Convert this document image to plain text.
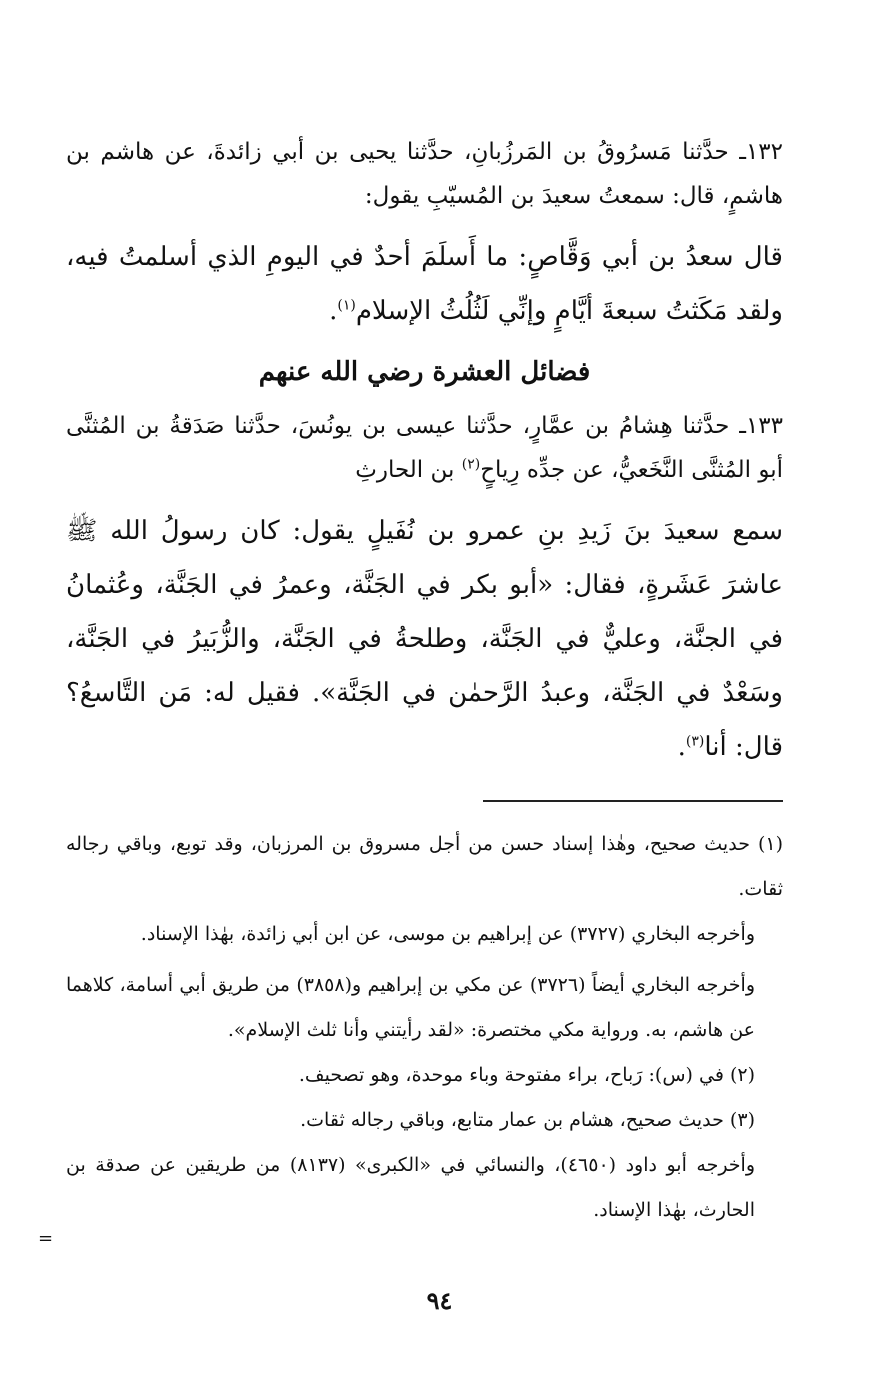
١٣٢ـ حدَّثنا مَسرُوقُ بن المَرزُبانِ، حدَّثنا يحيى بن أبي زائدةَ، عن هاشم بن هاشمٍ، قال: سمعتُ سعيدَ بن المُسيّبِ يقول:

قال سعدُ بن أبي وَقَّاصٍ: ما أَسلَمَ أحدٌ في اليومِ الذي أسلمتُ فيه، ولقد مَكَثتُ سبعةَ أيَّامٍ وإنِّي لَثُلُثُ الإسلام$^{(١)}$.

فضائل العشرة رضي الله عنهم

١٣٣ـ حدَّثنا هِشامُ بن عمَّارٍ، حدَّثنا عيسى بن يونُسَ، حدَّثنا صَدَقةُ بن المُثنَّى أبو المُثنَّى النَّخَعيُّ، عن جدِّه رِياحٍ$^{(٢)}$ بن الحارثِ

سمع سعيدَ بنَ زَيدِ بنِ عمرو بن نُفَيلٍ يقول: كان رسولُ الله ﷺ عاشرَ عَشَرةٍ، فقال: «أبو بكر في الجَنَّة، وعمرُ في الجَنَّة، وعُثمانُ في الجنَّة، وعليٌّ في الجَنَّة، وطلحةُ في الجَنَّة، والزُّبَيرُ في الجَنَّة، وسَعْدٌ في الجَنَّة، وعبدُ الرَّحمٰن في الجَنَّة». فقيل له: مَن التَّاسعُ؟ قال: أنا$^{(٣)}$.

(١) حديث صحيح، وهٰذا إسناد حسن من أجل مسروق بن المرزبان، وقد توبع، وباقي رجاله ثقات.

وأخرجه البخاري (٣٧٢٧) عن إبراهيم بن موسى، عن ابن أبي زائدة، بهٰذا الإسناد.

وأخرجه البخاري أيضاً (٣٧٢٦) عن مكي بن إبراهيم و(٣٨٥٨) من طريق أبي أسامة، كلاهما عن هاشم، به. ورواية مكي مختصرة: «لقد رأيتني وأنا ثلث الإسلام».

(٢) في (س): رَباح، براء مفتوحة وباء موحدة، وهو تصحيف.

(٣) حديث صحيح، هشام بن عمار متابع، وباقي رجاله ثقات.

وأخرجه أبو داود (٤٦٥٠)، والنسائي في «الكبرى» (٨١٣٧) من طريقين عن صدقة بن الحارث، بهٰذا الإسناد.

=
٩٤
